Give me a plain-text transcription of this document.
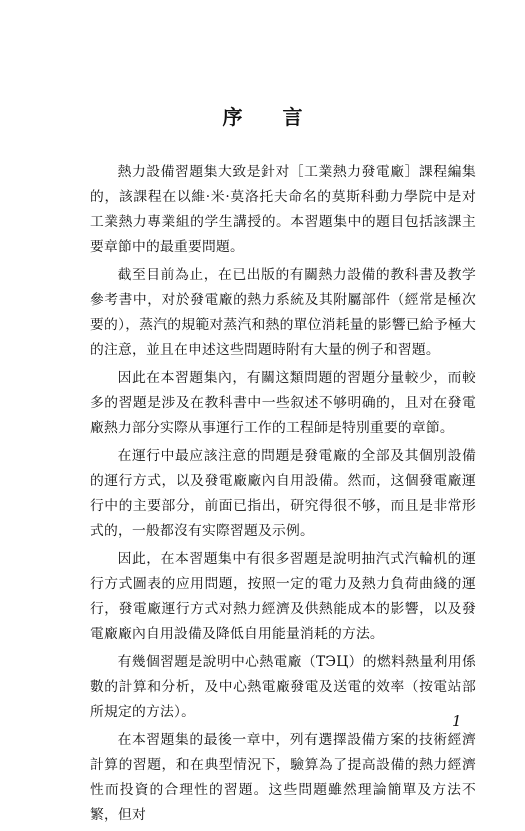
序言

熱力設備習題集大致是針对［工業熱力發電廠］課程編集的，該課程在以維·米·莫洛托夫命名的莫斯科動力學院中是对工業熱力專業組的学生講授的。本習題集中的題目包括該課主要章節中的最重要問題。

截至目前為止，在已出版的有關熱力設備的教科書及教学參考書中，对於發電廠的熱力系統及其附屬部件（經常是極次要的），蒸汽的規範对蒸汽和熱的單位消耗量的影響已給予極大的注意，並且在申述这些問題時附有大量的例子和習題。

因此在本習題集內，有關这類問題的習題分量較少，而較多的習題是涉及在教科書中一些叙述不够明确的，且对在發電廠熱力部分实際从事運行工作的工程師是特別重要的章節。

在運行中最应該注意的問題是發電廠的全部及其個別設備的運行方式，以及發電廠廠內自用設備。然而，这個發電廠運行中的主要部分，前面已指出，研究得很不够，而且是非常形式的，一般都沒有实際習題及示例。

因此，在本習題集中有很多習題是說明抽汽式汽輪机的運行方式圖表的应用問題，按照一定的電力及熱力負荷曲綫的運行，發電廠運行方式对熱力經濟及供熱能成本的影響，以及發電廠廠內自用設備及降低自用能量消耗的方法。

有幾個習題是說明中心熱電廠（ТЭЦ）的燃料熱量利用係數的計算和分析，及中心熱電廠發電及送電的效率（按電站部所規定的方法）。

在本習題集的最後一章中，列有選擇設備方案的技術經濟計算的習題，和在典型情況下，驗算為了提高設備的熱力經濟性而投資的合理性的習題。这些問題雖然理論簡單及方法不繁，但对

1
